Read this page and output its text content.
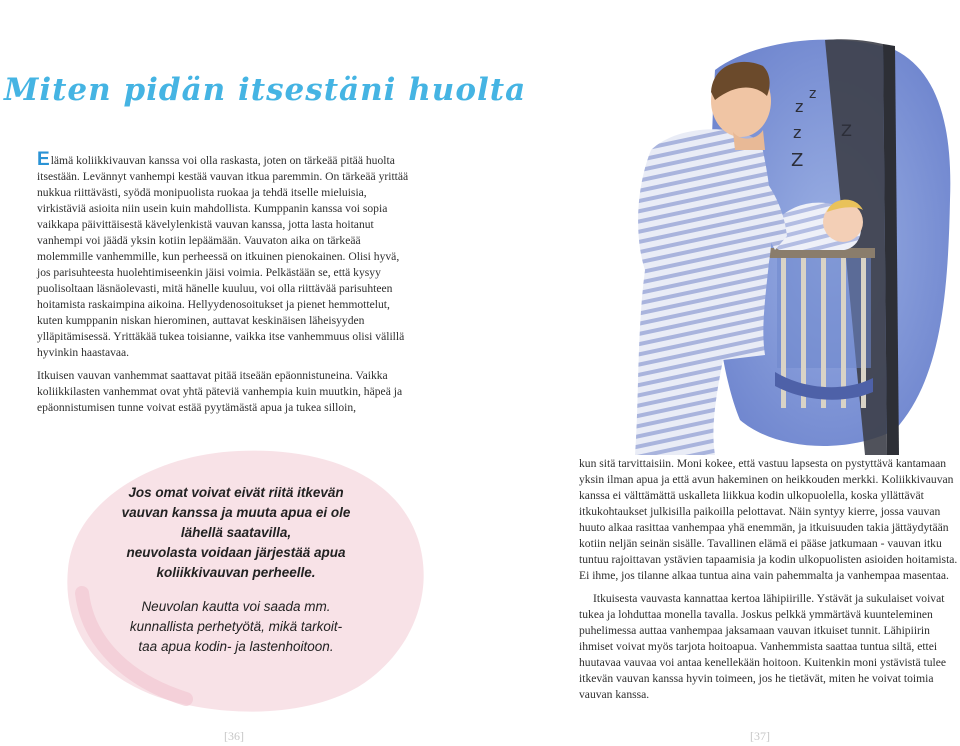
Miten pidän itsestäni huolta

Elämä koliikkivauvan kanssa voi olla raskasta, joten on tärkeää pitää huolta itsestään. Levännyt vanhempi kestää vauvan itkua paremmin. On tärkeää yrittää nukkua riittävästi, syödä monipuolista ruokaa ja tehdä itselle mieluisia, virkistäviä asioita niin usein kuin mahdollista. Kumppanin kanssa voi sopia vaikkapa päivittäisestä kävelylenkistä vauvan kanssa, jotta lasta hoitanut vanhempi voi jäädä yksin kotiin lepäämään. Vauvaton aika on tärkeää molemmille vanhemmille, kun perheessä on itkuinen pienokainen. Olisi hyvä, jos parisuhteesta huolehtimiseenkin jäisi voimia. Pelkästään se, että kysyy puolisoltaan läsnäolevasti, mitä hänelle kuuluu, voi olla riittävää parisuhteen hoitamista raskaimpina aikoina. Hellyydenosoitukset ja pienet hemmottelut, kuten kumppanin niskan hierominen, auttavat keskinäisen läheisyyden ylläpitämisessä. Yrittäkää tukea toisianne, vaikka itse vanhemmuus olisi välillä hyvinkin haastavaa.

Itkuisen vauvan vanhemmat saattavat pitää itseään epäonnistuneina. Vaikka koliikkilasten vanhemmat ovat yhtä päteviä vanhempia kuin muutkin, häpeä ja epäonnistumisen tunne voivat estää pyytämästä apua ja tukea silloin,

Jos omat voivat eivät riitä itkevän
vauvan kanssa ja muuta apua ei ole
lähellä saatavilla,
neuvolasta voidaan järjestää apua
koliikkivauvan perheelle.
Neuvolan kautta voi saada mm.
kunnallista perhetyötä, mikä tarkoit-
taa apua kodin- ja lastenhoitoon.

kun sitä tarvittaisiin. Moni kokee, että vastuu lapsesta on pystyttävä kantamaan yksin ilman apua ja että avun hakeminen on heikkouden merkki. Koliikkivauvan kanssa ei välttämättä uskalleta liikkua kodin ulkopuolella, koska yllättävät itkukohtaukset julkisilla paikoilla pelottavat. Näin syntyy kierre, jossa vauvan huuto alkaa rasittaa vanhempaa yhä enemmän, ja itkuisuuden takia jättäydytään kotiin neljän seinän sisälle. Tavallinen elämä ei pääse jatkumaan - vauvan itku tuntuu rajoittavan ystävien tapaamisia ja kodin ulkopuolisten asioiden hoitamista. Ei ihme, jos tilanne alkaa tuntua aina vain pahemmalta ja vanhempaa masentaa.

Itkuisesta vauvasta kannattaa kertoa lähipiirille. Ystävät ja sukulaiset voivat tukea ja lohduttaa monella tavalla. Joskus pelkkä ymmärtävä kuunteleminen puhelimessa auttaa vanhempaa jaksamaan vauvan itkuiset tunnit. Lähipiirin ihmiset voivat myös tarjota hoitoapua. Vanhemmista saattaa tuntua siltä, ettei huutavaa vauvaa voi antaa kenellekään hoitoon. Kuitenkin moni ystävistä tulee itkevän vauvan kanssa hyvin toimeen, jos he tietävät, miten he voivat toimia vauvan kanssa.

z
z
z
Z
Z
[36]	[37]
